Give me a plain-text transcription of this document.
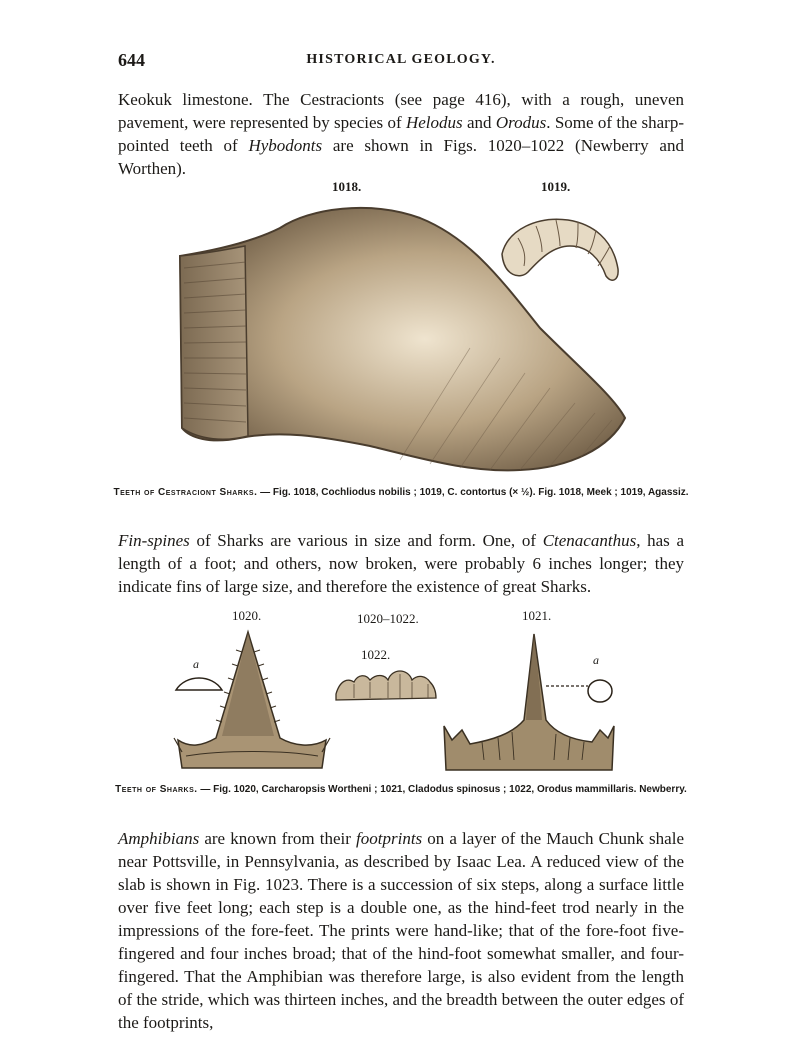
644	HISTORICAL GEOLOGY.

Keokuk limestone. The Cestracionts (see page 416), with a rough, uneven pavement, were represented by species of Helodus and Orodus. Some of the sharp-pointed teeth of Hybodonts are shown in Figs. 1020–1022 (Newberry and Worthen).

1018.	1019.
Teeth of Cestraciont Sharks. — Fig. 1018, Cochliodus nobilis ; 1019, C. contortus (× ½). Fig. 1018, Meek ; 1019, Agassiz.

Fin-spines of Sharks are various in size and form. One, of Ctenacanthus, has a length of a foot; and others, now broken, were probably 6 inches longer; they indicate fins of large size, and therefore the existence of great Sharks.

1020.	1020–1022.
1022.
1021.
a	a
Teeth of Sharks. — Fig. 1020, Carcharopsis Wortheni ; 1021, Cladodus spinosus ; 1022, Orodus mammillaris. Newberry.

Amphibians are known from their footprints on a layer of the Mauch Chunk shale near Pottsville, in Pennsylvania, as described by Isaac Lea. A reduced view of the slab is shown in Fig. 1023. There is a succession of six steps, along a surface little over five feet long; each step is a double one, as the hind-feet trod nearly in the impressions of the fore-feet. The prints were hand-like; that of the fore-foot five-fingered and four inches broad; that of the hind-foot somewhat smaller, and four-fingered. That the Amphibian was therefore large, is also evident from the length of the stride, which was thirteen inches, and the breadth between the outer edges of the footprints,
